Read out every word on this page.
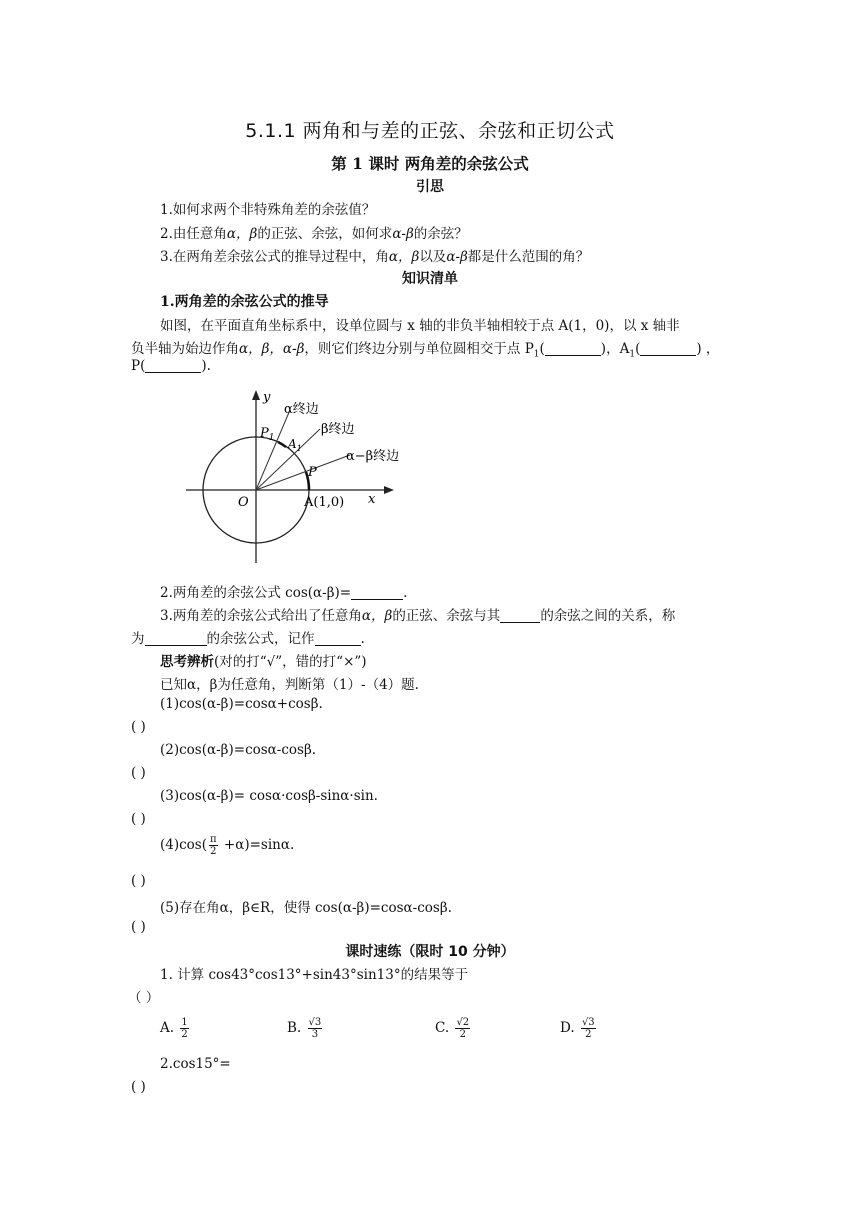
5.1.1 两角和与差的正弦、余弦和正切公式
第 1 课时 两角差的余弦公式
引思
1.如何求两个非特殊角差的余弦值？
2.由任意角α，β的正弦、余弦，如何求α-β的余弦？
3.在两角差余弦公式的推导过程中，角α，β以及α-β都是什么范围的角？
知识清单
1.两角差的余弦公式的推导
如图，在平面直角坐标系中，设单位圆与 x 轴的非负半轴相较于点 A(1，0)，以 x 轴非
负半轴为始边作角α，β，α-β，则它们终边分别与单位圆相交于点 $P_1$(	)，$A_1$(	) ，
P(	).
y
x
O
α终边
β终边
α−β终边
$P_1$ $A_1$
P
A(1,0)
2.两角差的余弦公式 cos(α-β)=	.
3.两角差的余弦公式给出了任意角α，β的正弦、余弦与其	的余弦之间的关系，称
为	的余弦公式，记作	.
思考辨析(对的打“√”，错的打“×”)
已知α，β为任意角，判断第（1）-（4）题.
(1)cos(α-β)=cosα+cosβ.
( )
(2)cos(α-β)=cosα-cosβ.
( )
(3)cos(α-β)= cosα·cosβ-sinα·sin.
( )
$(4)\cos( \frac{\pi}{2} +\alpha)=\sin\alpha$.
( )
(5)存在角α，β∈R，使得 cos(α-β)=cosα-cosβ.
( )
课时速练（限时 10 分钟）
1. 计算 cos43°cos13°+sin43°sin13°的结果等于
（ ）
A. $\frac{1}{2}$	B. $\frac{√3}{3}$	C. $\frac{√2}{2}$	D. $\frac{√3}{2}$
2.cos15°=
( )
